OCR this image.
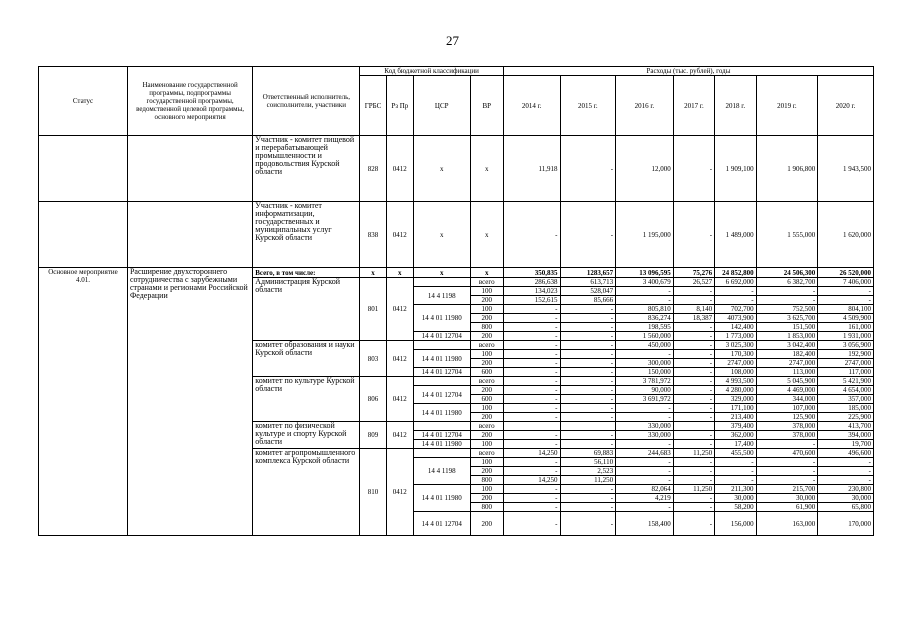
27
Статус	Наименование государственной программы, подпрограммы государственной программы, ведомственной целевой программы, основного мероприятия	Ответственный исполнитель, соисполнители, участники	Код бюджетной классификации				Расходы (тыс. рублей), годы						
			ГРБС	Рз Пр	ЦСР	ВР	2014 г.	2015 г.	2016 г.	2017 г.	2018 г.	2019 г.	2020 г.
		Участник - комитет пищевой и перерабатывающей промышленности и продовольствия Курской области	828	0412	х	х	11,918	-	12,000	-	1 909,100	1 906,800	1 943,500
		Участник - комитет информатизации, государственных и муниципальных услуг Курской области	838	0412	х	х	-	-	1 195,000	-	1 489,000	1 555,000	1 620,000
Основное мероприятие 4.01.	Расширение двухстороннего сотрудничества с зарубежными странами и регионами Российской Федерации	Всего, в том числе:	х	х	х	х	350,835	1283,657	13 096,595	75,276	24 852,800	24 506,300	26 520,000
		Администрация Курской области	801	0412		всего	286,638	613,713	3 400,679	26,527	6 692,000	6 382,700	7 406,000
					14 4 1198	100	134,023	528,047	-	-	-	-	-
						200	152,615	85,666	-	-	-	-	-
					14 4 01 11980	100	-	-	805,810	8,140	702,700	752,500	804,100
						200	-	-	836,274	18,387	4073,900	3 625,700	4 509,900
						800	-	-	198,595	-	142,400	151,500	161,000
					14 4 01 12704	200	-	-	1 560,000	-	1 773,000	1 853,000	1 931,000
		комитет образования и науки Курской области	803	0412		всего	-	-	450,000	-	3 025,300	3 042,400	3 056,900
					14 4 01 11980	100	-	-	-	-	170,300	182,400	192,900
						200	-	-	300,000	-	2747,000	2747,000	2747,000
					14 4 01 12704	600	-	-	150,000	-	108,000	113,000	117,000
		комитет по культуре Курской области	806	0412		всего	-	-	3 781,972	-	4 993,500	5 045,900	5 421,900
					14 4 01 12704	200	-	-	90,000	-	4 280,000	4 469,000	4 654,000
						600	-	-	3 691,972	-	329,000	344,000	357,000
					14 4 01 11980	100	-	-	-	-	171,100	107,000	185,000
						200	-	-	-	-	213,400	125,900	225,900
		комитет по физической культуре и спорту Курской области	809	0412		всего			330,000		379,400	378,000	413,700
					14 4 01 12704	200	-	-	330,000	-	362,000	378,000	394,000
					14 4 01 11980	100	-	-	-	-	17,400	-	19,700
		комитет агропромышленного комплекса Курской области	810	0412		всего	14,250	69,883	244,683	11,250	455,500	470,600	496,600
					14 4 1198	100	-	56,110	-	-	-	-	-
						200	-	2,523	-	-	-	-	-
						800	14,250	11,250	-	-	-	-	-
					14 4 01 11980	100	-	-	82,064	11,250	211,300	215,700	230,800
						200	-	-	4,219	-	30,000	30,000	30,000
						800	-	-	-	-	58,200	61,900	65,800
					14 4 01 12704	200	-	-	158,400	-	156,000	163,000	170,000
